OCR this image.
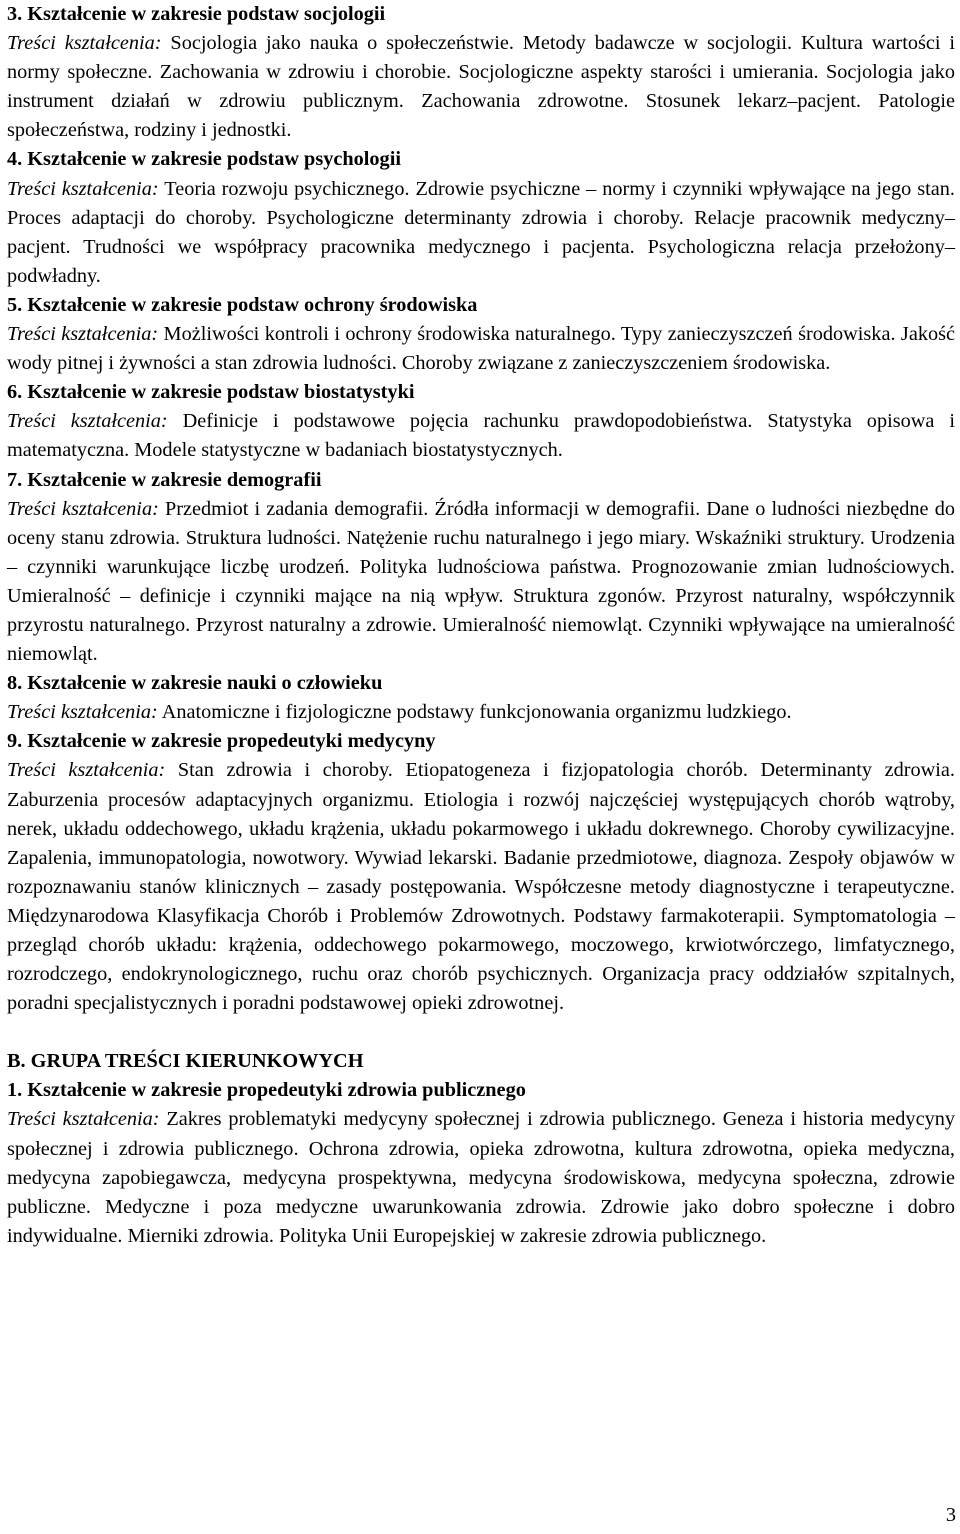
3. Kształcenie w zakresie podstaw socjologii
Treści kształcenia: Socjologia jako nauka o społeczeństwie. Metody badawcze w socjologii. Kultura wartości i normy społeczne. Zachowania w zdrowiu i chorobie. Socjologiczne aspekty starości i umierania. Socjologia jako instrument działań w zdrowiu publicznym. Zachowania zdrowotne. Stosunek lekarz–pacjent. Patologie społeczeństwa, rodziny i jednostki.
4. Kształcenie w zakresie podstaw psychologii
Treści kształcenia: Teoria rozwoju psychicznego. Zdrowie psychiczne – normy i czynniki wpływające na jego stan. Proces adaptacji do choroby. Psychologiczne determinanty zdrowia i choroby. Relacje pracownik medyczny–pacjent. Trudności we współpracy pracownika medycznego i pacjenta. Psychologiczna relacja przełożony–podwładny.
5. Kształcenie w zakresie podstaw ochrony środowiska
Treści kształcenia: Możliwości kontroli i ochrony środowiska naturalnego. Typy zanieczyszczeń środowiska. Jakość wody pitnej i żywności a stan zdrowia ludności. Choroby związane z zanieczyszczeniem środowiska.
6. Kształcenie w zakresie podstaw biostatystyki
Treści kształcenia: Definicje i podstawowe pojęcia rachunku prawdopodobieństwa. Statystyka opisowa i matematyczna. Modele statystyczne w badaniach biostatystycznych.
7. Kształcenie w zakresie demografii
Treści kształcenia: Przedmiot i zadania demografii. Źródła informacji w demografii. Dane o ludności niezbędne do oceny stanu zdrowia. Struktura ludności. Natężenie ruchu naturalnego i jego miary. Wskaźniki struktury. Urodzenia – czynniki warunkujące liczbę urodzeń. Polityka ludnościowa państwa. Prognozowanie zmian ludnościowych. Umieralność – definicje i czynniki mające na nią wpływ. Struktura zgonów. Przyrost naturalny, współczynnik przyrostu naturalnego. Przyrost naturalny a zdrowie. Umieralność niemowląt. Czynniki wpływające na umieralność niemowląt.
8. Kształcenie w zakresie nauki o człowieku
Treści kształcenia: Anatomiczne i fizjologiczne podstawy funkcjonowania organizmu ludzkiego.
9. Kształcenie w zakresie propedeutyki medycyny
Treści kształcenia: Stan zdrowia i choroby. Etiopatogeneza i fizjopatologia chorób. Determinanty zdrowia. Zaburzenia procesów adaptacyjnych organizmu. Etiologia i rozwój najczęściej występujących chorób wątroby, nerek, układu oddechowego, układu krążenia, układu pokarmowego i układu dokrewnego. Choroby cywilizacyjne. Zapalenia, immunopatologia, nowotwory. Wywiad lekarski. Badanie przedmiotowe, diagnoza. Zespoły objawów w rozpoznawaniu stanów klinicznych – zasady postępowania. Współczesne metody diagnostyczne i terapeutyczne. Międzynarodowa Klasyfikacja Chorób i Problemów Zdrowotnych. Podstawy farmakoterapii. Symptomatologia – przegląd chorób układu: krążenia, oddechowego pokarmowego, moczowego, krwiotwórczego, limfatycznego, rozrodczego, endokrynologicznego, ruchu oraz chorób psychicznych. Organizacja pracy oddziałów szpitalnych, poradni specjalistycznych i poradni podstawowej opieki zdrowotnej.
B. GRUPA TREŚCI KIERUNKOWYCH
1. Kształcenie w zakresie propedeutyki zdrowia publicznego
Treści kształcenia: Zakres problematyki medycyny społecznej i zdrowia publicznego. Geneza i historia medycyny społecznej i zdrowia publicznego. Ochrona zdrowia, opieka zdrowotna, kultura zdrowotna, opieka medyczna, medycyna zapobiegawcza, medycyna prospektywna, medycyna środowiskowa, medycyna społeczna, zdrowie publiczne. Medyczne i poza medyczne uwarunkowania zdrowia. Zdrowie jako dobro społeczne i dobro indywidualne. Mierniki zdrowia. Polityka Unii Europejskiej w zakresie zdrowia publicznego.
3
